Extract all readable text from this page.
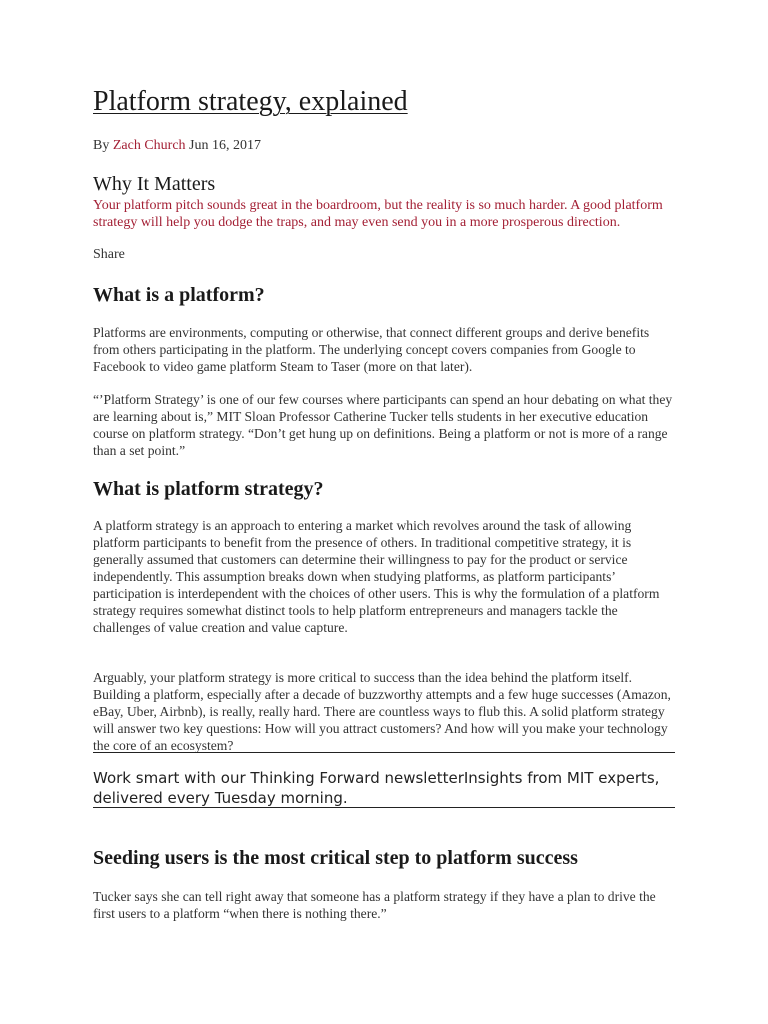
Platform strategy, explained
By Zach Church Jun 16, 2017
Why It Matters

Your platform pitch sounds great in the boardroom, but the reality is so much harder. A good platform strategy will help you dodge the traps, and may even send you in a more prosperous direction.

Share
What is a platform?

Platforms are environments, computing or otherwise, that connect different groups and derive benefits from others participating in the platform. The underlying concept covers companies from Google to Facebook to video game platform Steam to Taser (more on that later).

“’Platform Strategy’ is one of our few courses where participants can spend an hour debating on what they are learning about is,” MIT Sloan Professor Catherine Tucker tells students in her executive education course on platform strategy. “Don’t get hung up on definitions. Being a platform or not is more of a range than a set point.”

What is platform strategy?

A platform strategy is an approach to entering a market which revolves around the task of allowing platform participants to benefit from the presence of others. In traditional competitive strategy, it is generally assumed that customers can determine their willingness to pay for the product or service independently. This assumption breaks down when studying platforms, as platform participants’ participation is interdependent with the choices of other users. This is why the formulation of a platform strategy requires somewhat distinct tools to help platform entrepreneurs and managers tackle the challenges of value creation and value capture.

Arguably, your platform strategy is more critical to success than the idea behind the platform itself. Building a platform, especially after a decade of buzzworthy attempts and a few huge successes (Amazon, eBay, Uber, Airbnb), is really, really hard. There are countless ways to flub this. A solid platform strategy will answer two key questions: How will you attract customers? And how will you make your technology the core of an ecosystem?

Work smart with our Thinking Forward newsletterInsights from MIT experts, delivered every Tuesday morning.

Seeding users is the most critical step to platform success

Tucker says she can tell right away that someone has a platform strategy if they have a plan to drive the first users to a platform “when there is nothing there.”
